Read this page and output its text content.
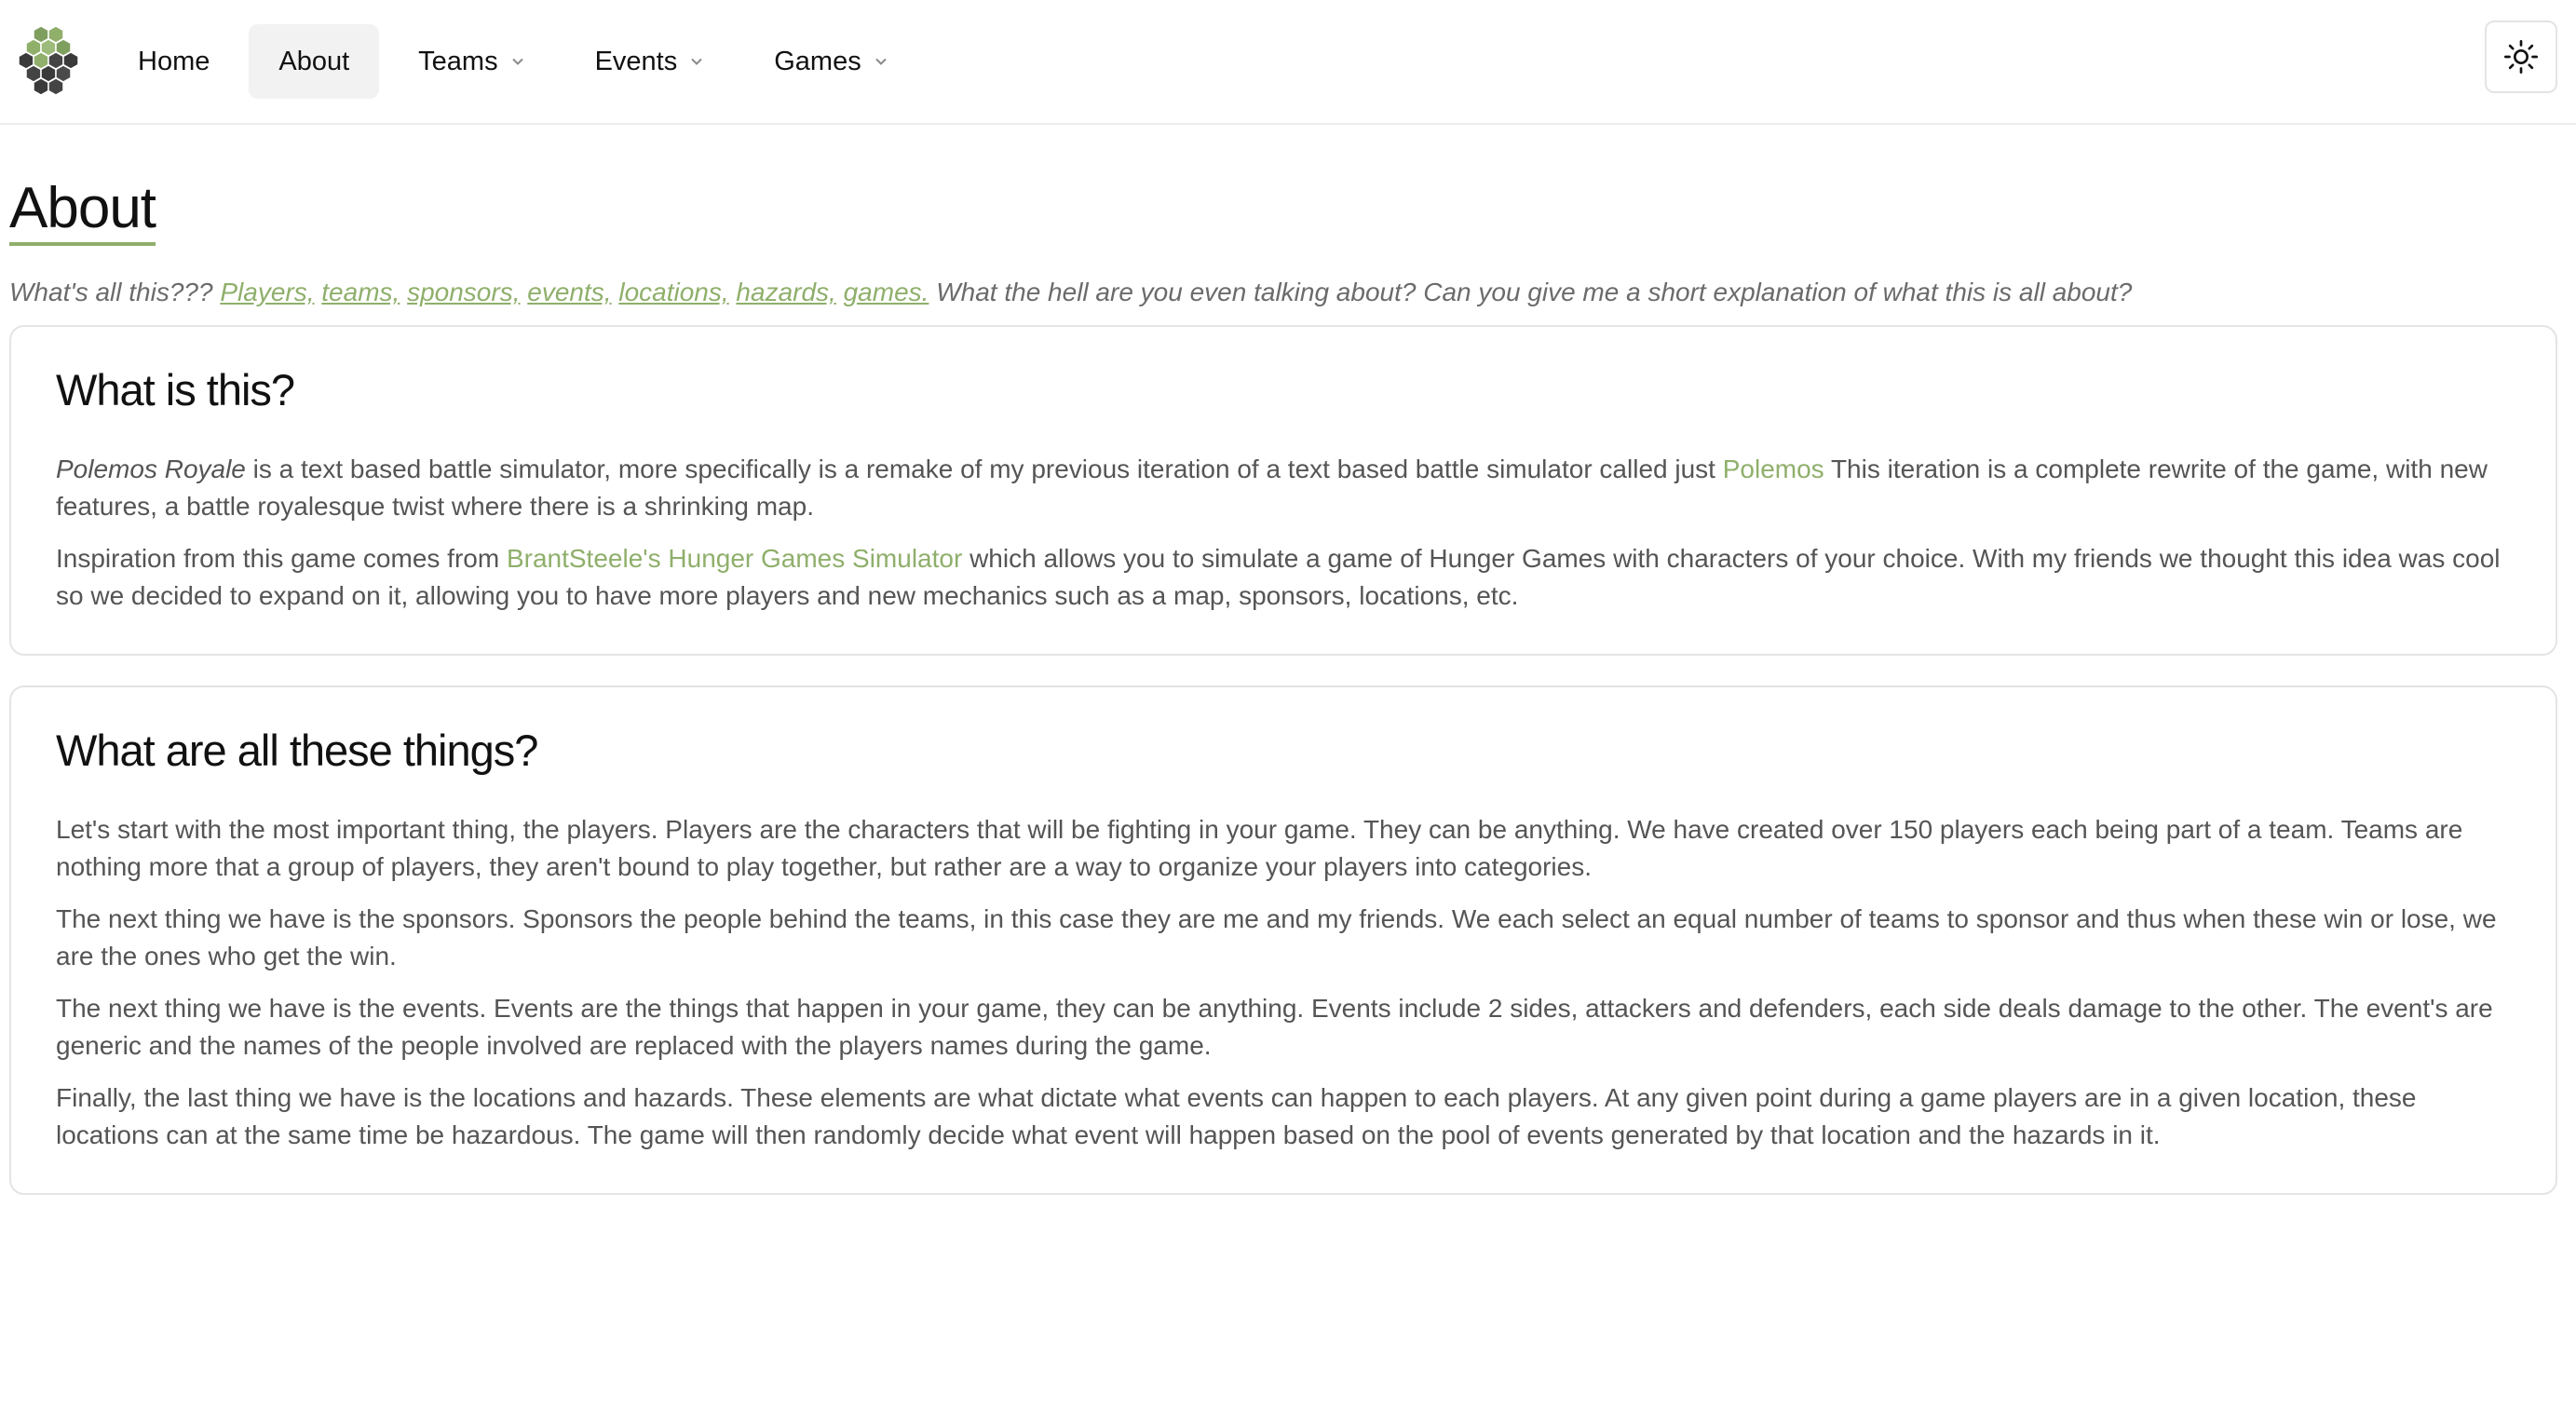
Home	About	Teams	Events	Games
About

What's all this??? Players, teams, sponsors, events, locations, hazards, games. What the hell are you even talking about? Can you give me a short explanation of what this is all about?

What is this?

Polemos Royale is a text based battle simulator, more specifically is a remake of my previous iteration of a text based battle simulator called just Polemos This iteration is a complete rewrite of the game, with new features, a battle royalesque twist where there is a shrinking map.

Inspiration from this game comes from BrantSteele's Hunger Games Simulator which allows you to simulate a game of Hunger Games with characters of your choice. With my friends we thought this idea was cool so we decided to expand on it, allowing you to have more players and new mechanics such as a map, sponsors, locations, etc.

What are all these things?

Let's start with the most important thing, the players. Players are the characters that will be fighting in your game. They can be anything. We have created over 150 players each being part of a team. Teams are nothing more that a group of players, they aren't bound to play together, but rather are a way to organize your players into categories.

The next thing we have is the sponsors. Sponsors the people behind the teams, in this case they are me and my friends. We each select an equal number of teams to sponsor and thus when these win or lose, we are the ones who get the win.

The next thing we have is the events. Events are the things that happen in your game, they can be anything. Events include 2 sides, attackers and defenders, each side deals damage to the other. The event's are generic and the names of the people involved are replaced with the players names during the game.

Finally, the last thing we have is the locations and hazards. These elements are what dictate what events can happen to each players. At any given point during a game players are in a given location, these locations can at the same time be hazardous. The game will then randomly decide what event will happen based on the pool of events generated by that location and the hazards in it.
